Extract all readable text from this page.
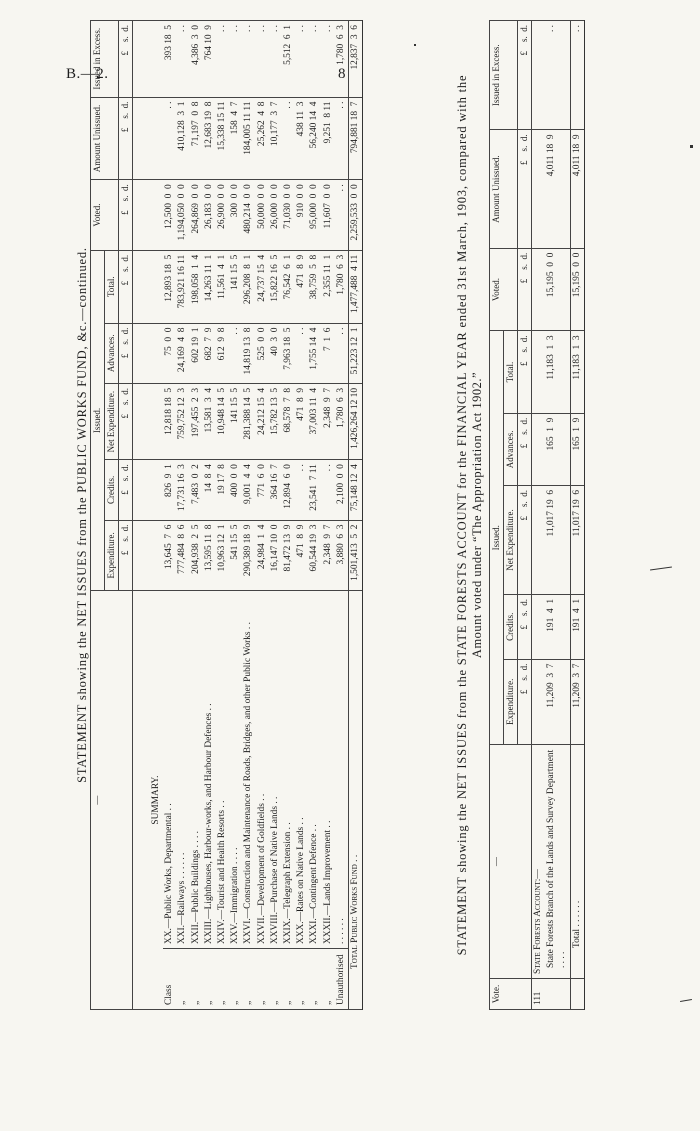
B.—2.	8
STATEMENT showing the NET ISSUES from the PUBLIC WORKS FUND, &c.—continued.
—		Issued.					Voted.	Amount Unissued.	Issued in Excess.
		Expenditure.	Credits.	Net Expenditure.	Advances.	Total.			
		£    s.  d.	£    s.  d.	£    s.  d.	£    s.  d.	£    s.  d.	£    s.  d.	£    s.  d.	£    s.  d.
SUMMARY.									
Class	XX.—Public Works, Departmental . .	13,645  7  6	826  9  1	12,818 18  5	75  0  0	12,893 18  5	12,500  0  0	. .	393 18  5
„	XXI.—Railways . . . . . .	777,484  8  6	17,731 16  3	759,752 12  3	24,169  4  8	783,921 16 11	1,194,050  0  0	410,128  3  1	. .
„	XXII.—Public Buildings . . . .	204,938  2  5	7,483  0  2	197,455  2  3	602 19  1	198,058  1  4	264,869  0  0	71,197  0  8	4,386  3  0
„	XXIII.—Lighthouses, Harbour-works, and Harbour Defences . .	13,595 11  8	14  8  4	13,581  3  4	682  7  9	14,263 11  1	26,183  0  0	12,683 19  8	764 10  9
„	XXIV.—Tourist and Health Resorts . .	10,963 12  1	19 17  8	10,948 14  5	612  9  8	11,561  4  1	26,900  0  0	15,338 15 11	. .
„	XXV.—Immigration . . . .	541 15  5	400  0  0	141 15  5	. .	141 15  5	300  0  0	158  4  7	. .
„	XXVI.—Construction and Maintenance of Roads, Bridges, and other Public Works . .	290,389 18  9	9,001  4  4	281,388 14  5	14,819 13  8	296,208  8  1	480,214  0  0	184,005 11 11	. .
„	XXVII.—Development of Goldfields . .	24,984  1  4	771  6  0	24,212 15  4	525  0  0	24,737 15  4	50,000  0  0	25,262  4  8	. .
„	XXVIII.—Purchase of Native Lands . .	16,147 10  0	364 16  7	15,782 13  5	40  3  0	15,822 16  5	26,000  0  0	10,177  3  7	. .
„	XXIX.—Telegraph Extension . .	81,472 13  9	12,894  6  0	68,578  7  8	7,963 18  5	76,542  6  1	71,030  0  0	. .	5,512  6  1
„	XXX.—Rates on Native Lands . .	471  8  9	. .	471  8  9	. .	471  8  9	910  0  0	438 11  3	. .
„	XXXI.—Contingent Defence . .	60,544 19  3	23,541  7 11	37,003 11  4	1,755 14  4	38,759  5  8	95,000  0  0	56,240 14  4	. .
„	XXXII.—Lands Improvement . .	2,348  9  7	. .	2,348  9  7	7  1  6	2,355 11  1	11,607  0  0	9,251  8 11	. .
Unauthorised	. . . . . .	3,880  6  3	2,100  0  0	1,780  6  3	. .	1,780  6  3	. .	. .	1,780  6  3
Total Public Works Fund . .		1,501,413  5  2	75,148 12  4	1,426,264 12 10	51,223 12  1	1,477,488  4 11	2,259,533  0  0	794,881 18  7	12,837  3  6
STATEMENT showing the NET ISSUES from the STATE FORESTS ACCOUNT for the FINANCIAL YEAR ended 31st March, 1903, compared with the Amount voted under “The Appropriation Act 1902.”
Vote.	—	Issued.					Voted.	Amount Unissued.	Issued in Excess.
		Expenditure.	Credits.	Net Expenditure.	Advances.	Total.			
		£    s.  d.	£    s.  d.	£    s.  d.	£    s.  d.	£    s.  d.	£    s.  d.	£    s.  d.	£    s.  d.
111	State Forests Account:—								
	State Forests Branch of the Lands and Survey Department . . . .	11,209  3  7	191  4  1	11,017 19  6	165  1  9	11,183  1  3	15,195  0  0	4,011 18  9	. .
	Total . . . . . .	11,209  3  7	191  4  1	11,017 19  6	165  1  9	11,183  1  3	15,195  0  0	4,011 18  9	. .
